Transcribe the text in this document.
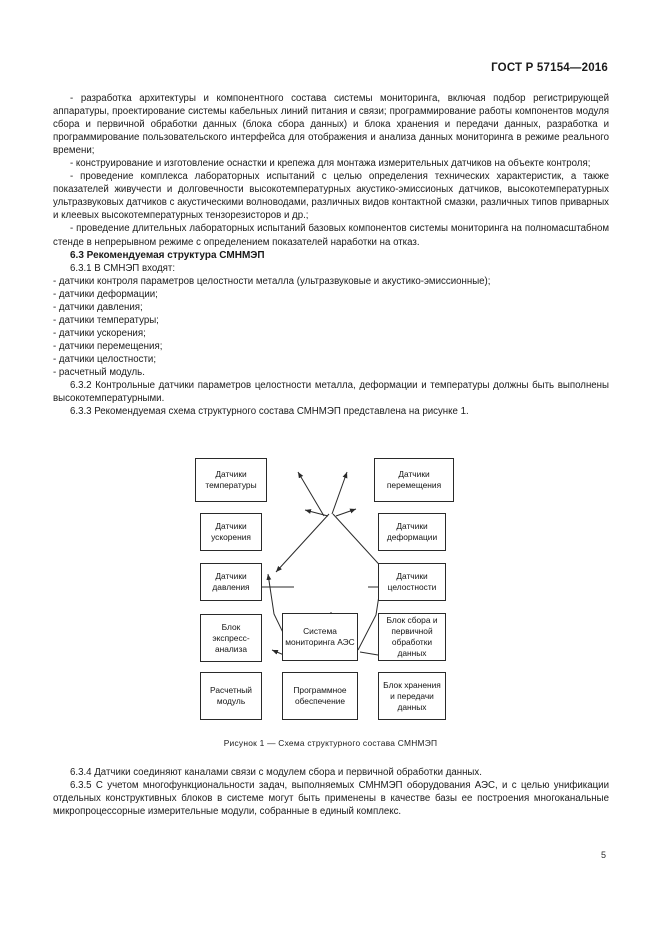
ГОСТ Р 57154—2016

- разработка архитектуры и компонентного состава системы мониторинга, включая подбор регистрирующей аппаратуры, проектирование системы кабельных линий питания и связи; программирование работы компонентов модуля сбора и первичной обработки данных (блока сбора данных) и блока хранения и передачи данных, разработка и программирование пользовательского интерфейса для отображения и анализа данных мониторинга в режиме реального времени;

- конструирование и изготовление оснастки и крепежа для монтажа измерительных датчиков на объекте контроля;

- проведение комплекса лабораторных испытаний с целью определения технических характеристик, а также показателей живучести и долговечности высокотемпературных акустико-эмиссионых датчиков, высокотемпературных ультразвуковых датчиков с акустическими волноводами, различных видов контактной смазки, различных типов приварных и клеевых высокотемпературных тензорезисторов и др.;

- проведение длительных лабораторных испытаний базовых компонентов системы мониторинга на полномасштабном стенде в непрерывном режиме с определением показателей наработки на отказ.

6.3 Рекомендуемая структура СМНМЭП

6.3.1 В СМНЭП входят:

- датчики контроля параметров целостности металла (ультразвуковые и акустико-эмиссионные);

- датчики деформации;

- датчики давления;

- датчики температуры;

- датчики ускорения;

- датчики перемещения;

- датчики целостности;

- расчетный модуль.

6.3.2 Контрольные датчики параметров целостности металла, деформации и температуры должны быть выполнены высокотемпературными.

6.3.3 Рекомендуемая схема структурного состава СМНМЭП представлена на рисунке 1.

Датчики температуры
Датчики перемещения
Датчики ускорения
Датчики деформации
Датчики давления
Датчики целостности
Блок экспресс-анализа
Система мониторинга АЭС
Блок сбора и первичной обработки данных
Расчетный модуль
Программное обеспечение
Блок хранения и передачи данных
Рисунок 1 — Схема структурного состава СМНМЭП

6.3.4 Датчики соединяют каналами связи с модулем сбора и первичной обработки данных.

6.3.5 С учетом многофункциональности задач, выполняемых СМНМЭП оборудования АЭС, и с целью унификации отдельных конструктивных блоков в системе могут быть применены в качестве базы ее построения многоканальные микропроцессорные измерительные модули, собранные в единый комплекс.

5
